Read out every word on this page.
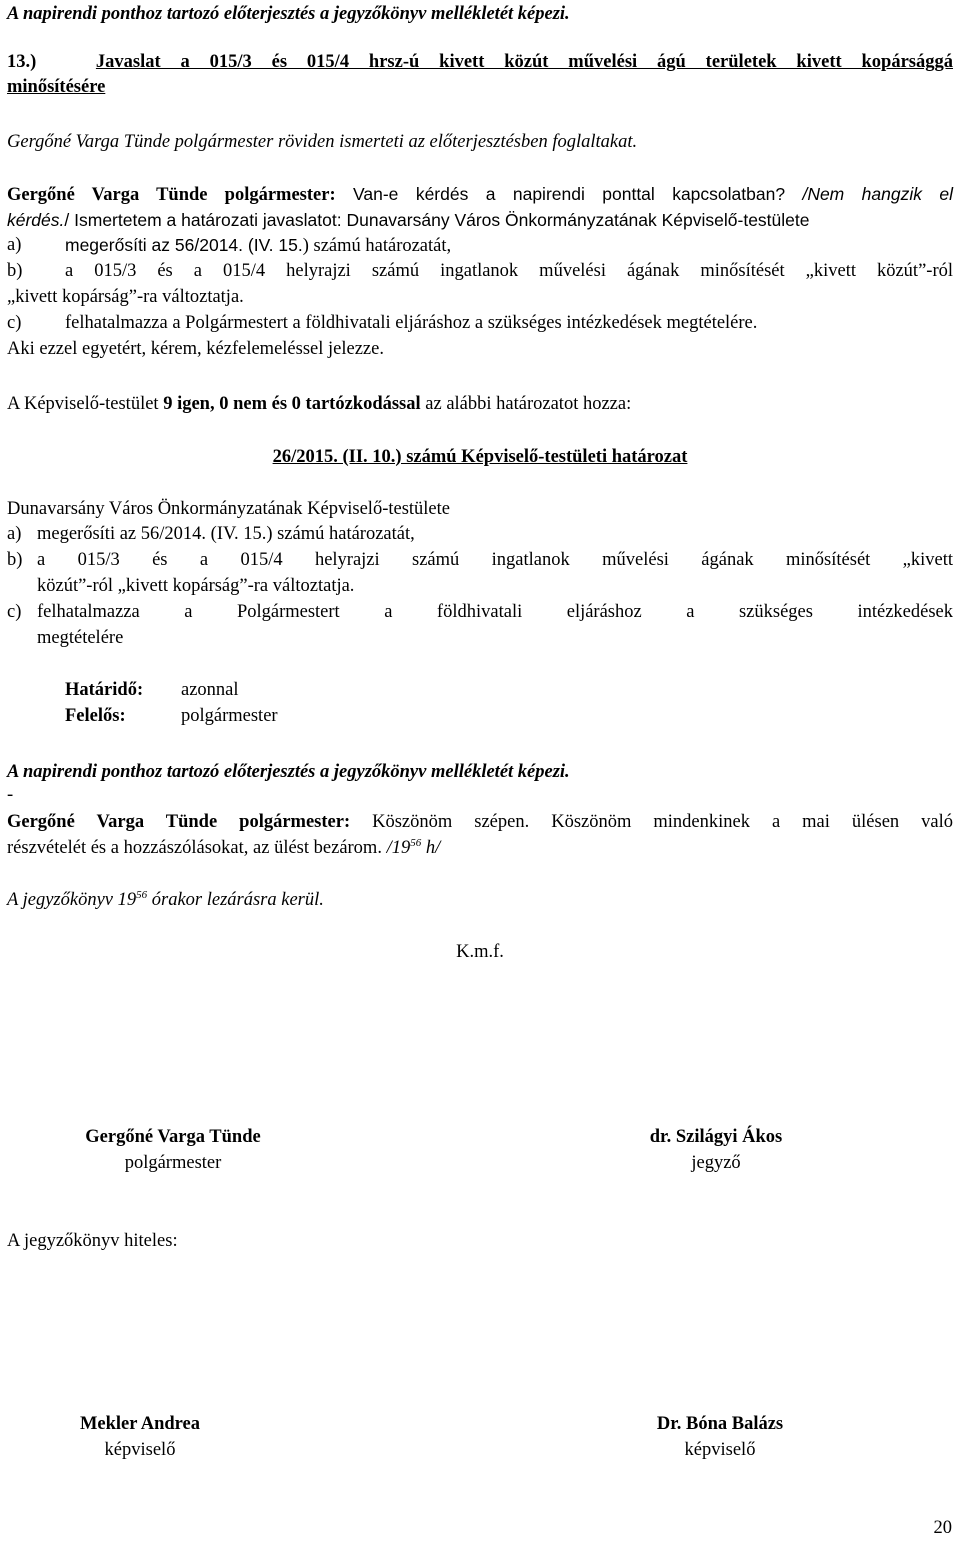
A napirendi ponthoz tartozó előterjesztés a jegyzőkönyv mellékletét képezi.
13.)	Javaslat a 015/3 és 015/4 hrsz-ú kivett közút művelési ágú területek kivett kopársággá
minősítésére
Gergőné Varga Tünde polgármester röviden ismerteti az előterjesztésben foglaltakat.
Gergőné Varga Tünde polgármester: Van-e kérdés a napirendi ponttal kapcsolatban? /Nem hangzik el
kérdés./ Ismertetem a határozati javaslatot: Dunavarsány Város Önkormányzatának Képviselő-testülete
a) megerősíti az 56/2014. (IV. 15.) számú határozatát,
b) a 015/3 és a 015/4 helyrajzi számú ingatlanok művelési ágának minősítését „kivett közút”-ról
„kivett kopárság”-ra változtatja.
c) felhatalmazza a Polgármestert a földhivatali eljáráshoz a szükséges intézkedések megtételére.
Aki ezzel egyetért, kérem, kézfelemeléssel jelezze.
A Képviselő-testület 9 igen, 0 nem és 0 tartózkodással az alábbi határozatot hozza:
26/2015. (II. 10.) számú Képviselő-testületi határozat
Dunavarsány Város Önkormányzatának Képviselő-testülete
a) megerősíti az 56/2014. (IV. 15.) számú határozatát,
b) a 015/3 és a 015/4 helyrajzi számú ingatlanok művelési ágának minősítését „kivett
közút”-ról „kivett kopárság”-ra változtatja.
c) felhatalmazza a Polgármestert a földhivatali eljáráshoz a szükséges intézkedések
megtételére
Határidő: azonnal
Felelős:	polgármester
A napirendi ponthoz tartozó előterjesztés a jegyzőkönyv mellékletét képezi.
-
Gergőné Varga Tünde polgármester: Köszönöm szépen. Köszönöm mindenkinek a mai ülésen való
részvételét és a hozzászólásokat, az ülést bezárom. $/19^{56}$ h/
A jegyzőkönyv $19^{56}$ órakor lezárásra kerül.
K.m.f.
Gergőné Varga Tünde
polgármester
dr. Szilágyi Ákos
jegyző
A jegyzőkönyv hiteles:
Mekler Andrea
képviselő
Dr. Bóna Balázs
képviselő
20
